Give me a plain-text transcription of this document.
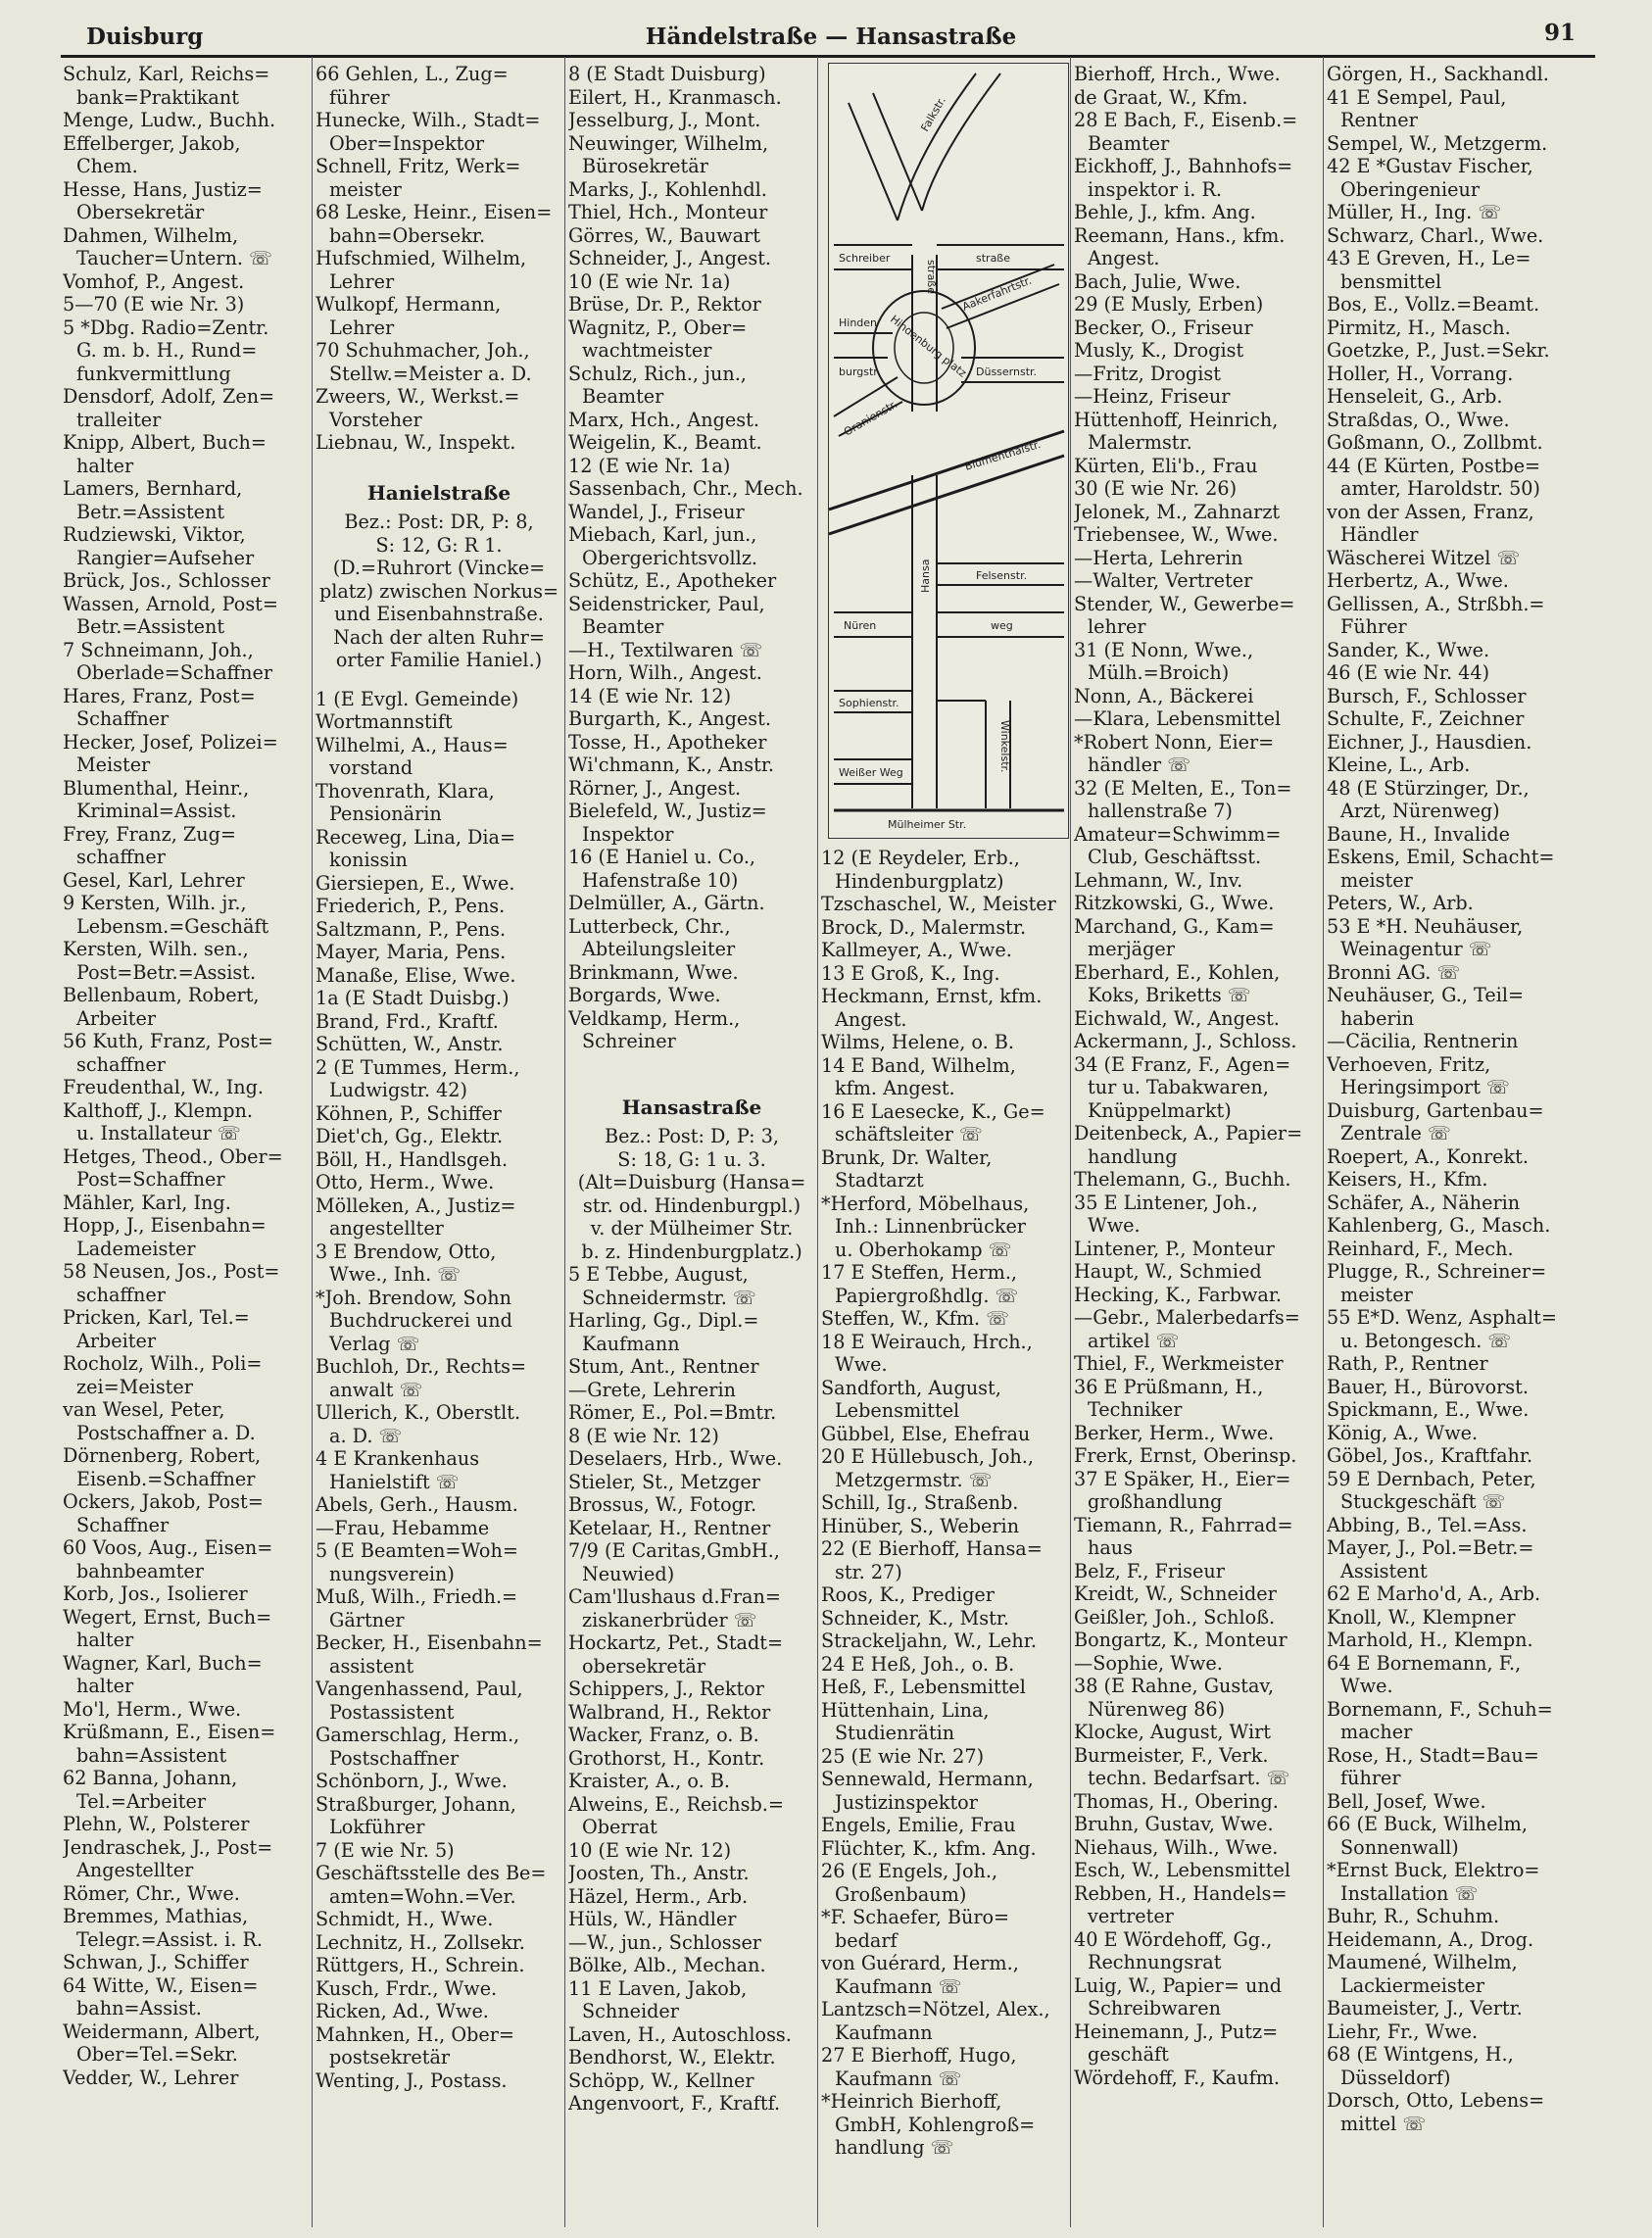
Duisburg	Händelstraße — Hansastraße	91
Schulz, Karl, Reichs=
bank=Praktikant
Menge, Ludw., Buchh.
Effelberger, Jakob,
Chem.
Hesse, Hans, Justiz=
Obersekretär
Dahmen, Wilhelm,
Taucher=Untern. ☏
Vomhof, P., Angest.
5—70 (E wie Nr. 3)
5 *Dbg. Radio=Zentr.
G. m. b. H., Rund=
funkvermittlung
Densdorf, Adolf, Zen=
tralleiter
Knipp, Albert, Buch=
halter
Lamers, Bernhard,
Betr.=Assistent
Rudziewski, Viktor,
Rangier=Aufseher
Brück, Jos., Schlosser
Wassen, Arnold, Post=
Betr.=Assistent
7 Schneimann, Joh.,
Oberlade=Schaffner
Hares, Franz, Post=
Schaffner
Hecker, Josef, Polizei=
Meister
Blumenthal, Heinr.,
Kriminal=Assist.
Frey, Franz, Zug=
schaffner
Gesel, Karl, Lehrer
9 Kersten, Wilh. jr.,
Lebensm.=Geschäft
Kersten, Wilh. sen.,
Post=Betr.=Assist.
Bellenbaum, Robert,
Arbeiter
56 Kuth, Franz, Post=
schaffner
Freudenthal, W., Ing.
Kalthoff, J., Klempn.
u. Installateur ☏
Hetges, Theod., Ober=
Post=Schaffner
Mähler, Karl, Ing.
Hopp, J., Eisenbahn=
Lademeister
58 Neusen, Jos., Post=
schaffner
Pricken, Karl, Tel.=
Arbeiter
Rocholz, Wilh., Poli=
zei=Meister
van Wesel, Peter,
Postschaffner a. D.
Dörnenberg, Robert,
Eisenb.=Schaffner
Ockers, Jakob, Post=
Schaffner
60 Voos, Aug., Eisen=
bahnbeamter
Korb, Jos., Isolierer
Wegert, Ernst, Buch=
halter
Wagner, Karl, Buch=
halter
Mo'l, Herm., Wwe.
Krüßmann, E., Eisen=
bahn=Assistent
62 Banna, Johann,
Tel.=Arbeiter
Plehn, W., Polsterer
Jendraschek, J., Post=
Angestellter
Römer, Chr., Wwe.
Bremmes, Mathias,
Telegr.=Assist. i. R.
Schwan, J., Schiffer
64 Witte, W., Eisen=
bahn=Assist.
Weidermann, Albert,
Ober=Tel.=Sekr.
Vedder, W., Lehrer
66 Gehlen, L., Zug=
führer
Hunecke, Wilh., Stadt=
Ober=Inspektor
Schnell, Fritz, Werk=
meister
68 Leske, Heinr., Eisen=
bahn=Obersekr.
Hufschmied, Wilhelm,
Lehrer
Wulkopf, Hermann,
Lehrer
70 Schuhmacher, Joh.,
Stellw.=Meister a. D.
Zweers, W., Werkst.=
Vorsteher
Liebnau, W., Inspekt.
Hanielstraße
Bez.: Post: DR, P: 8,
S: 12, G: R 1.
(D.=Ruhrort (Vincke=
platz) zwischen Norkus=
und Eisenbahnstraße.
Nach der alten Ruhr=
orter Familie Haniel.)
1 (E Evgl. Gemeinde)
Wortmannstift
Wilhelmi, A., Haus=
vorstand
Thovenrath, Klara,
Pensionärin
Receweg, Lina, Dia=
konissin
Giersiepen, E., Wwe.
Friederich, P., Pens.
Saltzmann, P., Pens.
Mayer, Maria, Pens.
Manaße, Elise, Wwe.
1a (E Stadt Duisbg.)
Brand, Frd., Kraftf.
Schütten, W., Anstr.
2 (E Tummes, Herm.,
Ludwigstr. 42)
Köhnen, P., Schiffer
Diet'ch, Gg., Elektr.
Böll, H., Handlsgeh.
Otto, Herm., Wwe.
Mölleken, A., Justiz=
angestellter
3 E Brendow, Otto,
Wwe., Inh. ☏
*Joh. Brendow, Sohn
Buchdruckerei und
Verlag ☏
Buchloh, Dr., Rechts=
anwalt ☏
Ullerich, K., Oberstlt.
a. D. ☏
4 E Krankenhaus
Hanielstift ☏
Abels, Gerh., Hausm.
—Frau, Hebamme
5 (E Beamten=Woh=
nungsverein)
Muß, Wilh., Friedh.=
Gärtner
Becker, H., Eisenbahn=
assistent
Vangenhassend, Paul,
Postassistent
Gamerschlag, Herm.,
Postschaffner
Schönborn, J., Wwe.
Straßburger, Johann,
Lokführer
7 (E wie Nr. 5)
Geschäftsstelle des Be=
amten=Wohn.=Ver.
Schmidt, H., Wwe.
Lechnitz, H., Zollsekr.
Rüttgers, H., Schrein.
Kusch, Frdr., Wwe.
Ricken, Ad., Wwe.
Mahnken, H., Ober=
postsekretär
Wenting, J., Postass.
8 (E Stadt Duisburg)
Eilert, H., Kranmasch.
Jesselburg, J., Mont.
Neuwinger, Wilhelm,
Bürosekretär
Marks, J., Kohlenhdl.
Thiel, Hch., Monteur
Görres, W., Bauwart
Schneider, J., Angest.
10 (E wie Nr. 1a)
Brüse, Dr. P., Rektor
Wagnitz, P., Ober=
wachtmeister
Schulz, Rich., jun.,
Beamter
Marx, Hch., Angest.
Weigelin, K., Beamt.
12 (E wie Nr. 1a)
Sassenbach, Chr., Mech.
Wandel, J., Friseur
Miebach, Karl, jun.,
Obergerichtsvollz.
Schütz, E., Apotheker
Seidenstricker, Paul,
Beamter
—H., Textilwaren ☏
Horn, Wilh., Angest.
14 (E wie Nr. 12)
Burgarth, K., Angest.
Tosse, H., Apotheker
Wi'chmann, K., Anstr.
Rörner, J., Angest.
Bielefeld, W., Justiz=
Inspektor
16 (E Haniel u. Co.,
Hafenstraße 10)
Delmüller, A., Gärtn.
Lutterbeck, Chr.,
Abteilungsleiter
Brinkmann, Wwe.
Borgards, Wwe.
Veldkamp, Herm.,
Schreiner
Hansastraße
Bez.: Post: D, P: 3,
S: 18, G: 1 u. 3.
(Alt=Duisburg (Hansa=
str. od. Hindenburgpl.)
v. der Mülheimer Str.
b. z. Hindenburgplatz.)
5 E Tebbe, August,
Schneidermstr. ☏
Harling, Gg., Dipl.=
Kaufmann
Stum, Ant., Rentner
—Grete, Lehrerin
Römer, E., Pol.=Bmtr.
8 (E wie Nr. 12)
Deselaers, Hrb., Wwe.
Stieler, St., Metzger
Brossus, W., Fotogr.
Ketelaar, H., Rentner
7/9 (E Caritas,GmbH.,
Neuwied)
Cam'llushaus d.Fran=
ziskanerbrüder ☏
Hockartz, Pet., Stadt=
obersekretär
Schippers, J., Rektor
Walbrand, H., Rektor
Wacker, Franz, o. B.
Grothorst, H., Kontr.
Kraister, A., o. B.
Alweins, E., Reichsb.=
Oberrat
10 (E wie Nr. 12)
Joosten, Th., Anstr.
Häzel, Herm., Arb.
Hüls, W., Händler
—W., jun., Schlosser
Bölke, Alb., Mechan.
11 E Laven, Jakob,
Schneider
Laven, H., Autoschloss.
Bendhorst, W., Elektr.
Schöpp, W., Kellner
Angenvoort, F., Kraftf.
12 (E Reydeler, Erb.,
Hindenburgplatz)
Tzschaschel, W., Meister
Brock, D., Malermstr.
Kallmeyer, A., Wwe.
13 E Groß, K., Ing.
Heckmann, Ernst, kfm.
Angest.
Wilms, Helene, o. B.
14 E Band, Wilhelm,
kfm. Angest.
16 E Laesecke, K., Ge=
schäftsleiter ☏
Brunk, Dr. Walter,
Stadtarzt
*Herford, Möbelhaus,
Inh.: Linnenbrücker
u. Oberhokamp ☏
17 E Steffen, Herm.,
Papiergroßhdlg. ☏
Steffen, W., Kfm. ☏
18 E Weirauch, Hrch.,
Wwe.
Sandforth, August,
Lebensmittel
Gübbel, Else, Ehefrau
20 E Hüllebusch, Joh.,
Metzgermstr. ☏
Schill, Ig., Straßenb.
Hinüber, S., Weberin
22 (E Bierhoff, Hansa=
str. 27)
Roos, K., Prediger
Schneider, K., Mstr.
Strackeljahn, W., Lehr.
24 E Heß, Joh., o. B.
Heß, F., Lebensmittel
Hüttenhain, Lina,
Studienrätin
25 (E wie Nr. 27)
Sennewald, Hermann,
Justizinspektor
Engels, Emilie, Frau
Flüchter, K., kfm. Ang.
26 (E Engels, Joh.,
Großenbaum)
*F. Schaefer, Büro=
bedarf
von Guérard, Herm.,
Kaufmann ☏
Lantzsch=Nötzel, Alex.,
Kaufmann
27 E Bierhoff, Hugo,
Kaufmann ☏
*Heinrich Bierhoff,
GmbH, Kohlengroß=
handlung ☏
Bierhoff, Hrch., Wwe.
de Graat, W., Kfm.
28 E Bach, F., Eisenb.=
Beamter
Eickhoff, J., Bahnhofs=
inspektor i. R.
Behle, J., kfm. Ang.
Reemann, Hans., kfm.
Angest.
Bach, Julie, Wwe.
29 (E Musly, Erben)
Becker, O., Friseur
Musly, K., Drogist
—Fritz, Drogist
—Heinz, Friseur
Hüttenhoff, Heinrich,
Malermstr.
Kürten, Eli'b., Frau
30 (E wie Nr. 26)
Jelonek, M., Zahnarzt
Triebensee, W., Wwe.
—Herta, Lehrerin
—Walter, Vertreter
Stender, W., Gewerbe=
lehrer
31 (E Nonn, Wwe.,
Mülh.=Broich)
Nonn, A., Bäckerei
—Klara, Lebensmittel
*Robert Nonn, Eier=
händler ☏
32 (E Melten, E., Ton=
hallenstraße 7)
Amateur=Schwimm=
Club, Geschäftsst.
Lehmann, W., Inv.
Ritzkowski, G., Wwe.
Marchand, G., Kam=
merjäger
Eberhard, E., Kohlen,
Koks, Briketts ☏
Eichwald, W., Angest.
Ackermann, J., Schloss.
34 (E Franz, F., Agen=
tur u. Tabakwaren,
Knüppelmarkt)
Deitenbeck, A., Papier=
handlung
Thelemann, G., Buchh.
35 E Lintener, Joh.,
Wwe.
Lintener, P., Monteur
Haupt, W., Schmied
Hecking, K., Farbwar.
—Gebr., Malerbedarfs=
artikel ☏
Thiel, F., Werkmeister
36 E Prüßmann, H.,
Techniker
Berker, Herm., Wwe.
Frerk, Ernst, Oberinsp.
37 E Späker, H., Eier=
großhandlung
Tiemann, R., Fahrrad=
haus
Belz, F., Friseur
Kreidt, W., Schneider
Geißler, Joh., Schloß.
Bongartz, K., Monteur
—Sophie, Wwe.
38 (E Rahne, Gustav,
Nürenweg 86)
Klocke, August, Wirt
Burmeister, F., Verk.
techn. Bedarfsart. ☏
Thomas, H., Obering.
Bruhn, Gustav, Wwe.
Niehaus, Wilh., Wwe.
Esch, W., Lebensmittel
Rebben, H., Handels=
vertreter
40 E Wördehoff, Gg.,
Rechnungsrat
Luig, W., Papier= und
Schreibwaren
Heinemann, J., Putz=
geschäft
Wördehoff, F., Kaufm.
Görgen, H., Sackhandl.
41 E Sempel, Paul,
Rentner
Sempel, W., Metzgerm.
42 E *Gustav Fischer,
Oberingenieur
Müller, H., Ing. ☏
Schwarz, Charl., Wwe.
43 E Greven, H., Le=
bensmittel
Bos, E., Vollz.=Beamt.
Pirmitz, H., Masch.
Goetzke, P., Just.=Sekr.
Holler, H., Vorrang.
Henseleit, G., Arb.
Straßdas, O., Wwe.
Goßmann, O., Zollbmt.
44 (E Kürten, Postbe=
amter, Haroldstr. 50)
von der Assen, Franz,
Händler
Wäscherei Witzel ☏
Herbertz, A., Wwe.
Gellissen, A., Strßbh.=
Führer
Sander, K., Wwe.
46 (E wie Nr. 44)
Bursch, F., Schlosser
Schulte, F., Zeichner
Eichner, J., Hausdien.
Kleine, L., Arb.
48 (E Stürzinger, Dr.,
Arzt, Nürenweg)
Baune, H., Invalide
Eskens, Emil, Schacht=
meister
Peters, W., Arb.
53 E *H. Neuhäuser,
Weinagentur ☏
Bronni AG. ☏
Neuhäuser, G., Teil=
haberin
—Cäcilia, Rentnerin
Verhoeven, Fritz,
Heringsimport ☏
Duisburg, Gartenbau=
Zentrale ☏
Roepert, A., Konrekt.
Keisers, H., Kfm.
Schäfer, A., Näherin
Kahlenberg, G., Masch.
Reinhard, F., Mech.
Plugge, R., Schreiner=
meister
55 E*D. Wenz, Asphalt=
u. Betongesch. ☏
Rath, P., Rentner
Bauer, H., Bürovorst.
Spickmann, E., Wwe.
König, A., Wwe.
Göbel, Jos., Kraftfahr.
59 E Dernbach, Peter,
Stuckgeschäft ☏
Abbing, B., Tel.=Ass.
Mayer, J., Pol.=Betr.=
Assistent
62 E Marho'd, A., Arb.
Knoll, W., Klempner
Marhold, H., Klempn.
64 E Bornemann, F.,
Wwe.
Bornemann, F., Schuh=
macher
Rose, H., Stadt=Bau=
führer
Bell, Josef, Wwe.
66 (E Buck, Wilhelm,
Sonnenwall)
*Ernst Buck, Elektro=
Installation ☏
Buhr, R., Schuhm.
Heidemann, A., Drog.
Maumené, Wilhelm,
Lackiermeister
Baumeister, J., Vertr.
Liehr, Fr., Wwe.
68 (E Wintgens, H.,
Düsseldorf)
Dorsch, Otto, Lebens=
mittel ☏
Falkstr.
Schreiber
straße
straße
Aakerfahrtstr.
Hinden
burgstr Hindenburg platz Düssernstr.
Oranienstr.
Blumenthalstr.
Felsenstr.
Nüren	weg
Hansa
Sophienstr.
Weißer Weg	Winkelstr.
Mülheimer Str.
